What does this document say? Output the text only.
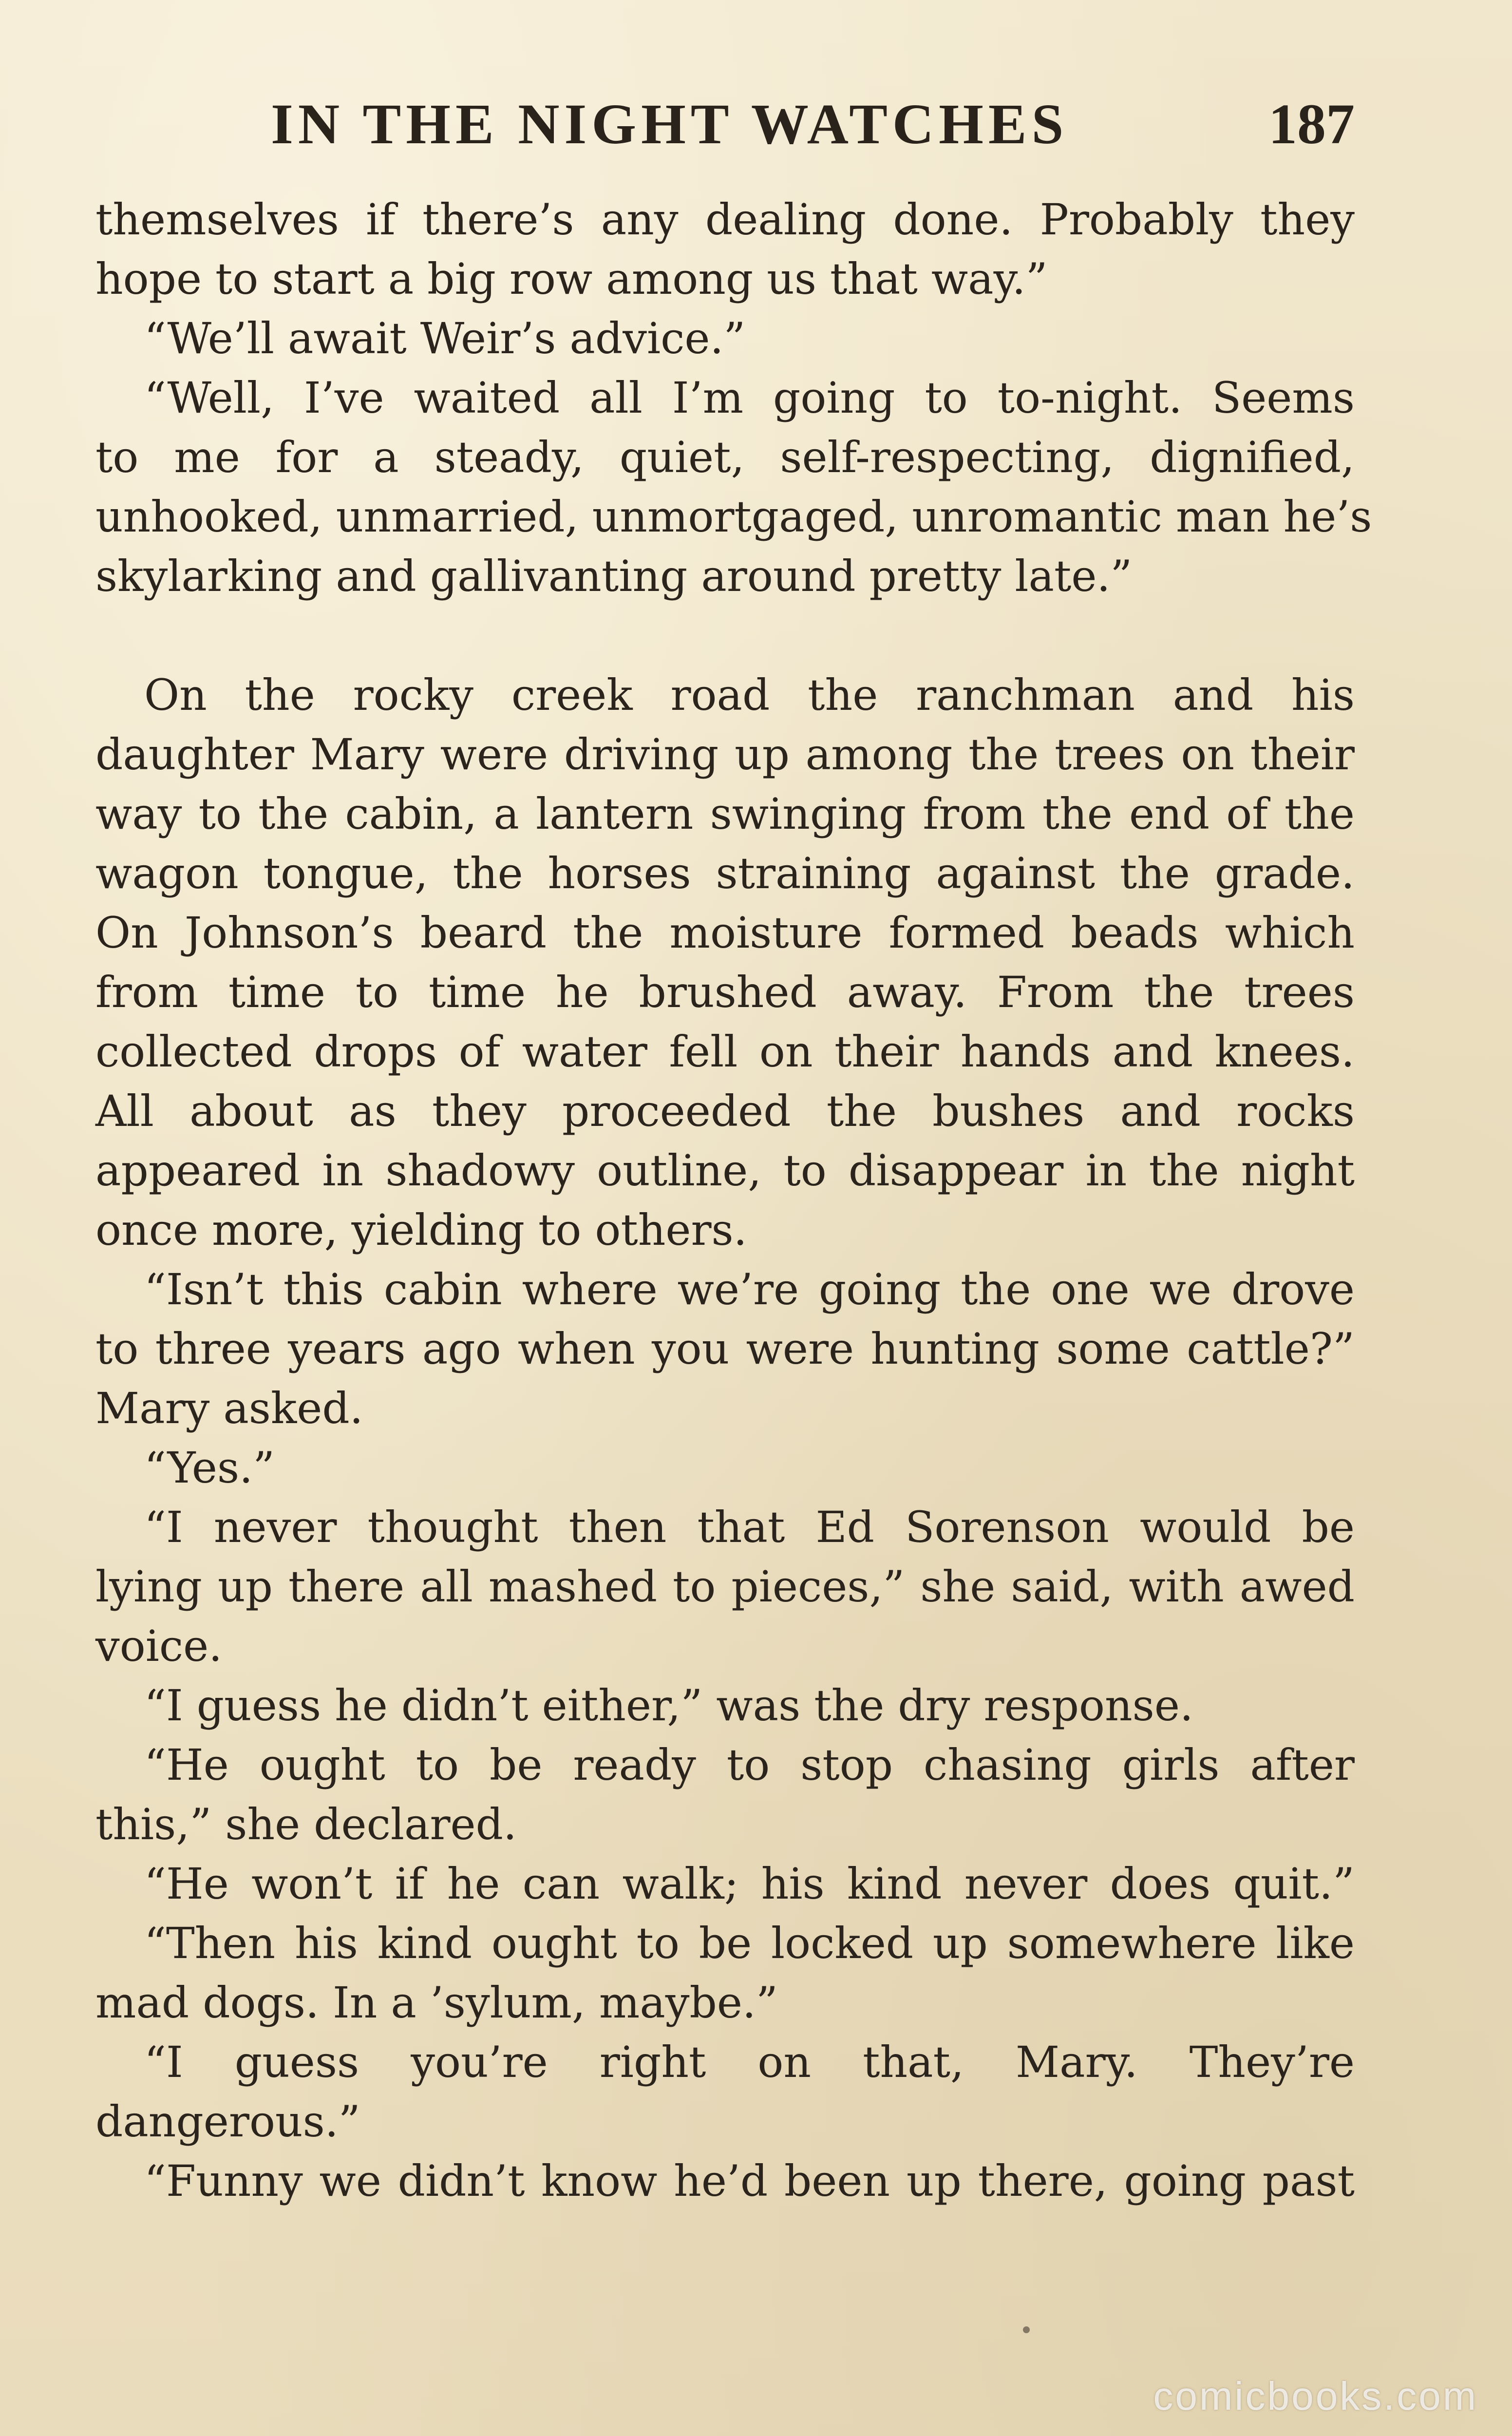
IN THE NIGHT WATCHES	187
themselves if there’s any dealing done. Probably they
hope to start a big row among us that way.”
“We’ll await Weir’s advice.”
“Well, I’ve waited all I’m going to to-night. Seems
to me for a steady, quiet, self-respecting, dignified,
unhooked, unmarried, unmortgaged, unromantic man he’s
skylarking and gallivanting around pretty late.”
On the rocky creek road the ranchman and his
daughter Mary were driving up among the trees on their
way to the cabin, a lantern swinging from the end of the
wagon tongue, the horses straining against the grade.
On Johnson’s beard the moisture formed beads which
from time to time he brushed away. From the trees
collected drops of water fell on their hands and knees.
All about as they proceeded the bushes and rocks
appeared in shadowy outline, to disappear in the night
once more, yielding to others.
“Isn’t this cabin where we’re going the one we drove
to three years ago when you were hunting some cattle?”
Mary asked.
“Yes.”
“I never thought then that Ed Sorenson would be
lying up there all mashed to pieces,” she said, with awed
voice.
“I guess he didn’t either,” was the dry response.
“He ought to be ready to stop chasing girls after
this,” she declared.
“He won’t if he can walk; his kind never does quit.”
“Then his kind ought to be locked up somewhere like
mad dogs. In a ’sylum, maybe.”
“I guess you’re right on that, Mary. They’re
dangerous.”
“Funny we didn’t know he’d been up there, going past
comicbooks.com
